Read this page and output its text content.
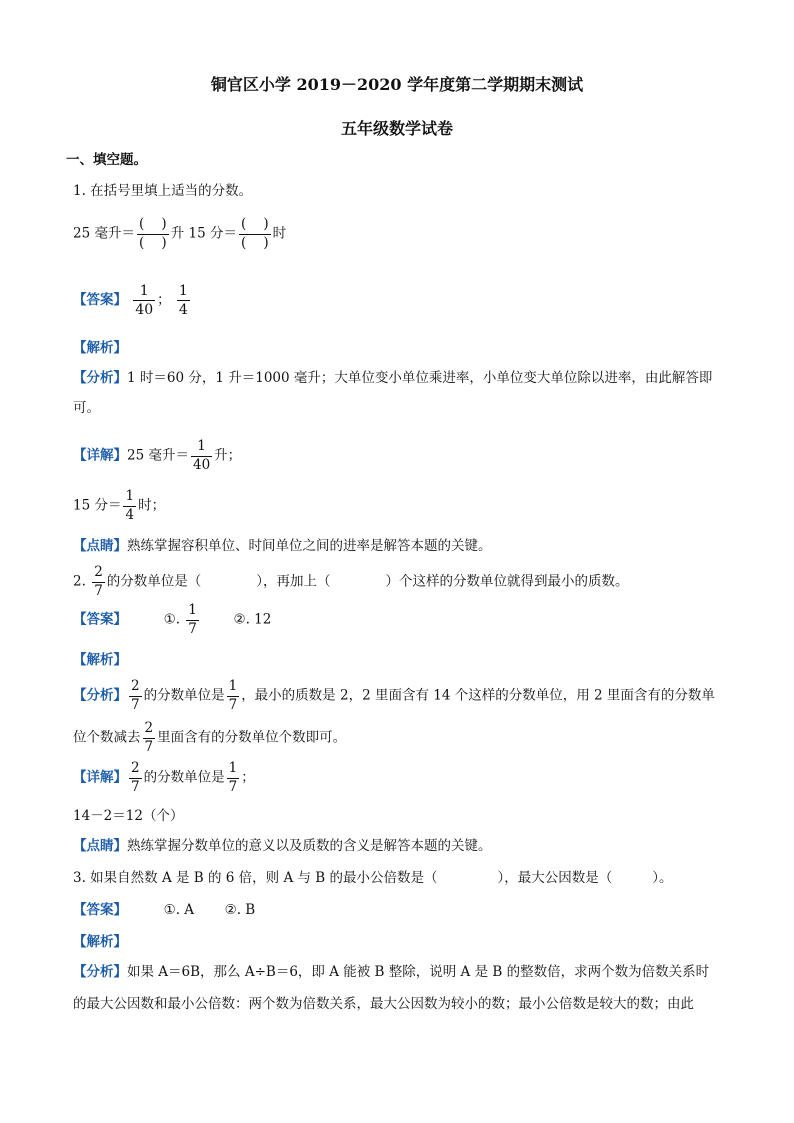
铜官区小学 2019－2020 学年度第二学期期末测试
五年级数学试卷
一、填空题。
1. 在括号里填上适当的分数。
25 毫升＝ $\frac{( )}{( )}$ 升 15 分＝ $\frac{( )}{( )}$ 时
【答案】 $\frac{1}{40}$ ； $\frac{1}{4}$
【解析】
【分析】1 时＝60 分，1 升＝1000 毫升；大单位变小单位乘进率，小单位变大单位除以进率，由此解答即
可。
【详解】25 毫升＝ $\frac{1}{40}$ 升；
15 分＝ $\frac{1}{4}$ 时；
【点睛】熟练掌握容积单位、时间单位之间的进率是解答本题的关键。
2. $\frac{2}{7}$ 的分数单位是（	），再加上（	）个这样的分数单位就得到最小的质数。
【答案】	①. $\frac{1}{7}$	②. 12
【解析】
【分析】 $\frac{2}{7}$ 的分数单位是 $\frac{1}{7}$ ，最小的质数是 2，2 里面含有 14 个这样的分数单位，用 2 里面含有的分数单
位个数减去 $\frac{2}{7}$ 里面含有的分数单位个数即可。
【详解】 $\frac{2}{7}$ 的分数单位是 $\frac{1}{7}$ ；
14－2＝12（个）
【点睛】熟练掌握分数单位的意义以及质数的含义是解答本题的关键。
3. 如果自然数 A 是 B 的 6 倍，则 A 与 B 的最小公倍数是（	），最大公因数是（	）。
【答案】	①. A ②. B
【解析】
【分析】如果 A＝6B，那么 A÷B＝6，即 A 能被 B 整除，说明 A 是 B 的整数倍，求两个数为倍数关系时
的最大公因数和最小公倍数：两个数为倍数关系，最大公因数为较小的数；最小公倍数是较大的数；由此
